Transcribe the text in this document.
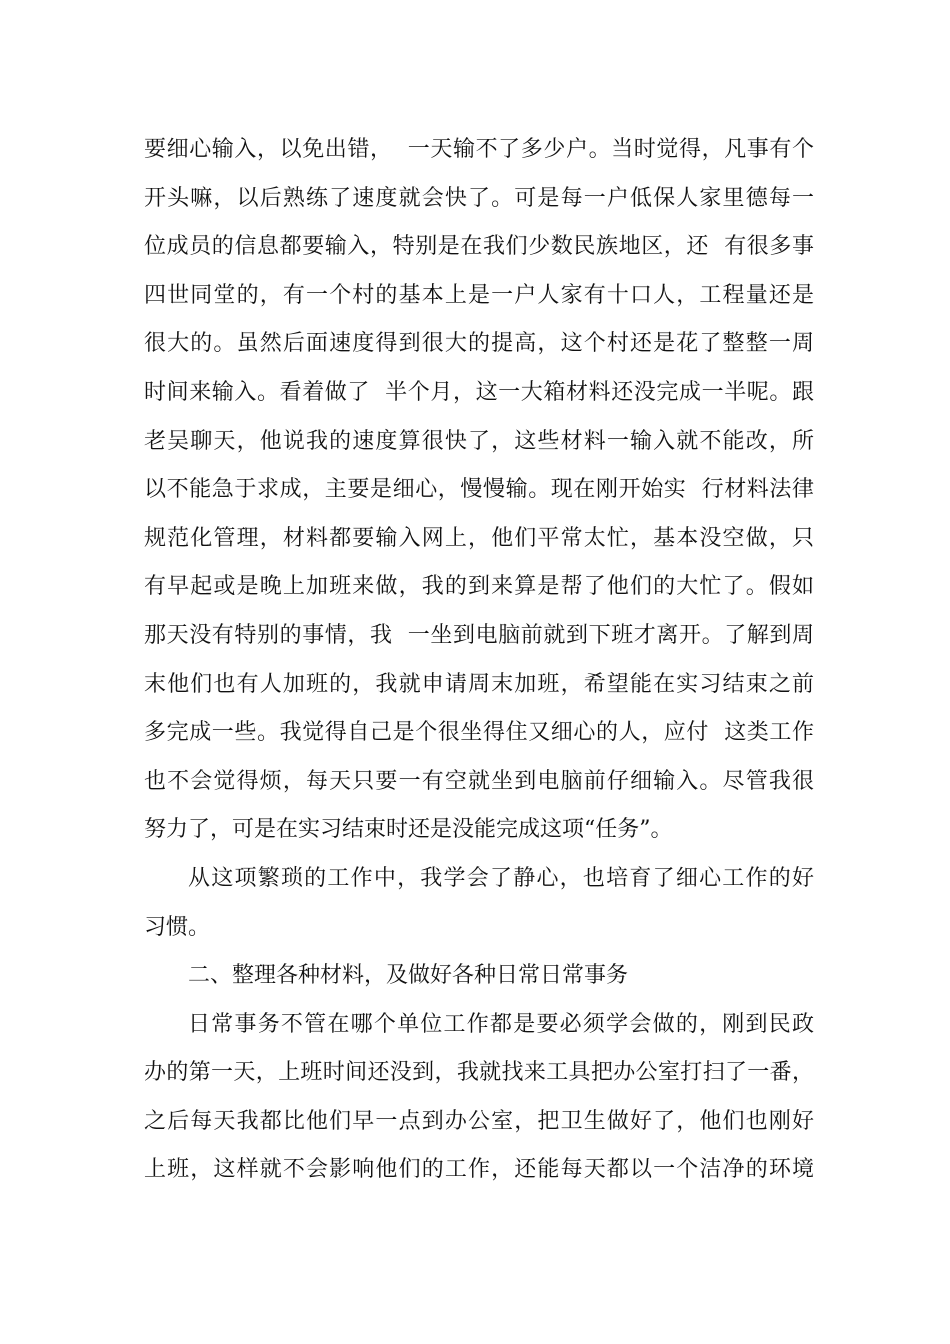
要细心输入，以免出错，  一天输不了多少户。当时觉得，凡事有个
开头嘛，以后熟练了速度就会快了。可是每一户低保人家里德每一
位成员的信息都要输入，特别是在我们少数民族地区，还  有很多事
四世同堂的，有一个村的基本上是一户人家有十口人，工程量还是
很大的。虽然后面速度得到很大的提高，这个村还是花了整整一周
时间来输入。看着做了  半个月，这一大箱材料还没完成一半呢。跟
老吴聊天，他说我的速度算很快了，这些材料一输入就不能改，所
以不能急于求成，主要是细心，慢慢输。现在刚开始实  行材料法律
规范化管理，材料都要输入网上，他们平常太忙，基本没空做，只
有早起或是晚上加班来做，我的到来算是帮了他们的大忙了。假如
那天没有特别的事情，我  一坐到电脑前就到下班才离开。了解到周
末他们也有人加班的，我就申请周末加班，希望能在实习结束之前
多完成一些。我觉得自己是个很坐得住又细心的人，应付  这类工作
也不会觉得烦，每天只要一有空就坐到电脑前仔细输入。尽管我很
努力了，可是在实习结束时还是没能完成这项“任务”。
从这项繁琐的工作中，我学会了静心，也培育了细心工作的好
习惯。
二、整理各种材料，及做好各种日常日常事务
日常事务不管在哪个单位工作都是要必须学会做的，刚到民政
办的第一天，上班时间还没到，我就找来工具把办公室打扫了一番，
之后每天我都比他们早一点到办公室，把卫生做好了，他们也刚好
上班，这样就不会影响他们的工作，还能每天都以一个洁净的环境
